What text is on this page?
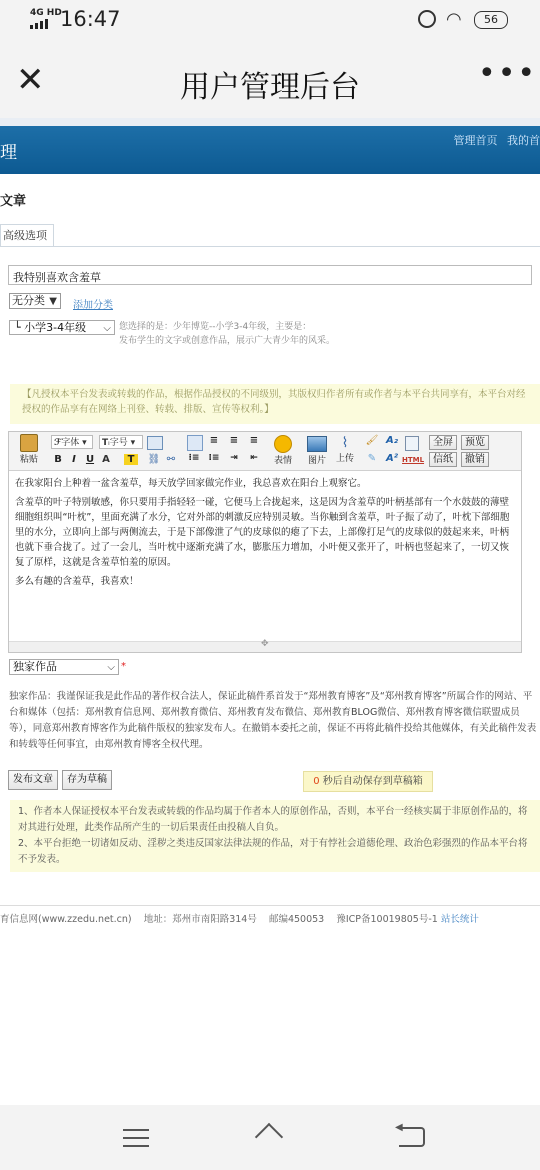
4G HD
16:47	◠	56
用户管理后台
✕	•••
理
管理首页 我的首
文章
高级选项
我特别喜欢含羞草
无分类 ▼ 添加分类
└ 小学3-4年级 ⌵ 您选择的是：少年博览--小学3-4年级，主要是：
发布学生的文字或创意作品，展示广大青少年的风采。
【凡授权本平台发表或转载的作品，根据作品授权的不同级别，其版权归作者所有或作者与本平台共同享有，本平台对经授权的作品享有在网络上刊登、转载、排版、宣传等权利。】
粘贴
ℱ字体 ▾	Tᵢ字号 ▾
B	I	U A	T	⛓ ⚯
≡ ≡ ≡
⁝≡ ⁞≡	⇥	⇤	表情	图片
⌇
上传
🖌 A₂
✎ A² HTML
全屏	预览
信纸	撤销

在我家阳台上种着一盆含羞草，每天放学回家做完作业，我总喜欢在阳台上观察它。

含羞草的叶子特别敏感，你只要用手指轻轻一碰，它便马上合拢起来，这是因为含羞草的叶柄基部有一个水鼓鼓的薄壁细胞组织叫“叶枕”，里面充满了水分，它对外部的刺激反应特别灵敏。当你触到含羞草，叶子振了动了，叶枕下部细胞里的水分，立即向上部与两侧流去，于是下部像泄了气的皮球似的瘪了下去，上部像打足气的皮球似的鼓起来来，叶柄也就下垂合拢了。过了一会儿，当叶枕中逐渐充满了水，膨胀压力增加，小叶便又张开了，叶柄也竖起来了，一切又恢复了原样，这就是含羞草怕羞的原因。

多么有趣的含羞草，我喜欢！

✥
独家作品	⌵ *
独家作品：我谨保证我是此作品的著作权合法人，保证此稿件系首发于“郑州教育博客”及“郑州教育博客”所属合作的网站、平台和媒体（包括：郑州教育信息网、郑州教育微信、郑州教育发布微信、郑州教育BLOG微信、郑州教育博客微信联盟成员等），同意郑州教育博客作为此稿件版权的独家发布人。在撤销本委托之前，保证不再将此稿件投给其他媒体，有关此稿件发表和转载等任何事宜，由郑州教育博客全权代理。
发布文章	存为草稿	0 秒后自动保存到草稿箱
1、作者本人保证授权本平台发表或转载的作品均属于作者本人的原创作品，否则，本平台一经核实属于非原创作品的，将对其进行处理，此类作品所产生的一切后果责任由投稿人自负。
2、本平台拒绝一切诸如反动、淫秽之类违反国家法律法规的作品，对于有悖社会道德伦理、政治色彩强烈的作品本平台将不予发表。
育信息网(www.zzedu.net.cn) 地址：郑州市南阳路314号 邮编450053 豫ICP备10019805号-1 站长统计
◀
